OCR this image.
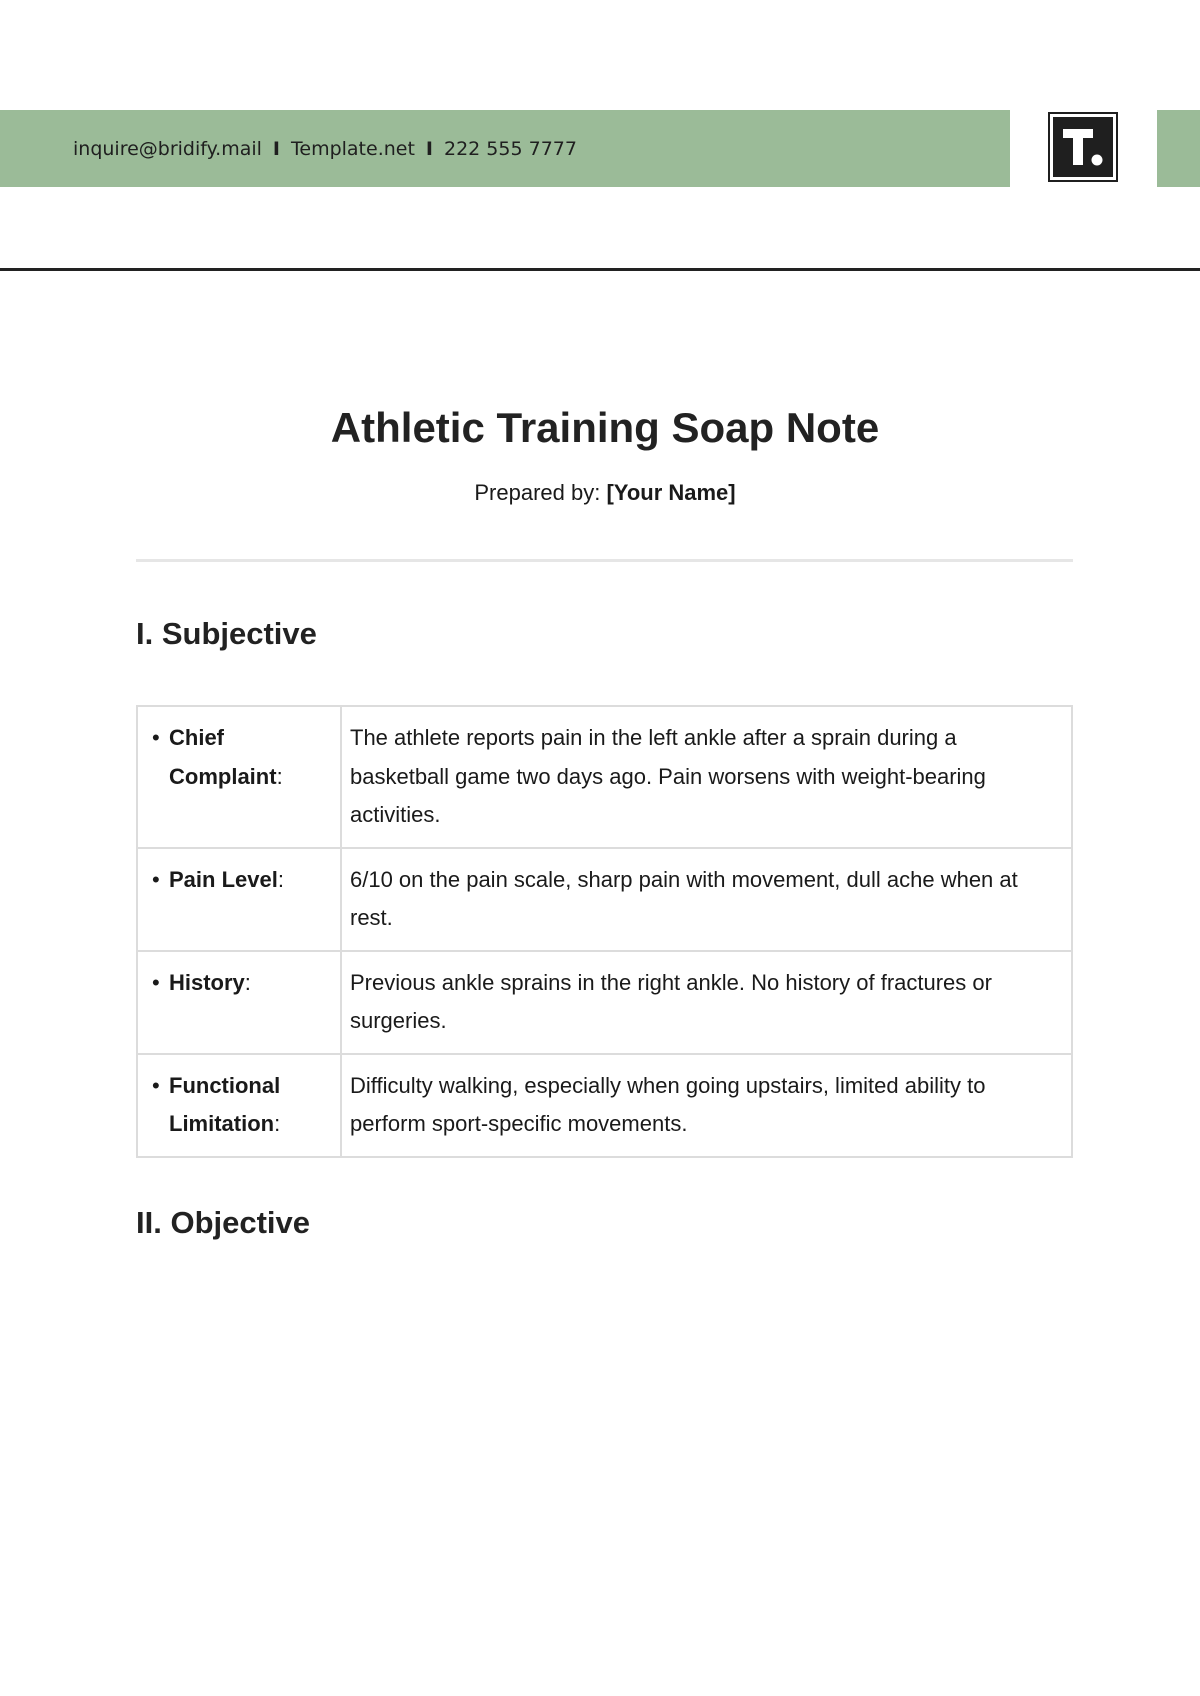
inquire@bridify.mail I Template.net I 222 555 7777
Athletic Training Soap Note
Prepared by: [Your Name]
I. Subjective
• Chief Complaint:	The athlete reports pain in the left ankle after a sprain during a basketball game two days ago. Pain worsens with weight-bearing activities.

• Pain Level:	6/10 on the pain scale, sharp pain with movement, dull ache when at rest.

• History:	Previous ankle sprains in the right ankle. No history of fractures or surgeries.

• Functional Limitation:	Difficulty walking, especially when going upstairs, limited ability to perform sport-specific movements.
II. Objective
